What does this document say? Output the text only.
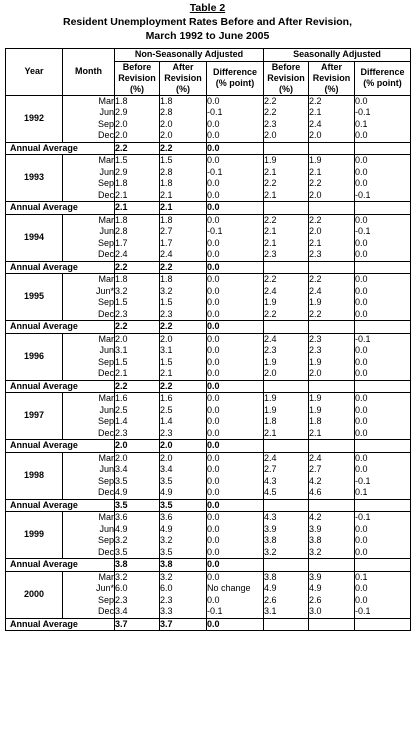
Table 2
Resident Unemployment Rates Before and After Revision,
March 1992 to June 2005
Year	Month	Non-Seasonally Adjusted			Seasonally Adjusted		
		Before
Revision
(%)	After
Revision
(%)	Difference
(% point)	Before
Revision
(%)	After
Revision
(%)	Difference
(% point)
1992	Mar	1.8	1.8	0.0	2.2	2.2	0.0
	Jun	2.9	2.8	-0.1	2.2	2.1	-0.1
	Sep	2.0	2.0	0.0	2.3	2.4	0.1
	Dec	2.0	2.0	0.0	2.0	2.0	0.0
Annual Average		2.2	2.2	0.0			
1993	Mar	1.5	1.5	0.0	1.9	1.9	0.0
	Jun	2.9	2.8	-0.1	2.1	2.1	0.0
	Sep	1.8	1.8	0.0	2.2	2.2	0.0
	Dec	2.1	2.1	0.0	2.1	2.0	-0.1
Annual Average		2.1	2.1	0.0			
1994	Mar	1.8	1.8	0.0	2.2	2.2	0.0
	Jun	2.8	2.7	-0.1	2.1	2.0	-0.1
	Sep	1.7	1.7	0.0	2.1	2.1	0.0
	Dec	2.4	2.4	0.0	2.3	2.3	0.0
Annual Average		2.2	2.2	0.0			
1995	Mar	1.8	1.8	0.0	2.2	2.2	0.0
	Jun*	3.2	3.2	0.0	2.4	2.4	0.0
	Sep	1.5	1.5	0.0	1.9	1.9	0.0
	Dec	2.3	2.3	0.0	2.2	2.2	0.0
Annual Average		2.2	2.2	0.0			
1996	Mar	2.0	2.0	0.0	2.4	2.3	-0.1
	Jun	3.1	3.1	0.0	2.3	2.3	0.0
	Sep	1.5	1.5	0.0	1.9	1.9	0.0
	Dec	2.1	2.1	0.0	2.0	2.0	0.0
Annual Average		2.2	2.2	0.0			
1997	Mar	1.6	1.6	0.0	1.9	1.9	0.0
	Jun	2.5	2.5	0.0	1.9	1.9	0.0
	Sep	1.4	1.4	0.0	1.8	1.8	0.0
	Dec	2.3	2.3	0.0	2.1	2.1	0.0
Annual Average		2.0	2.0	0.0			
1998	Mar	2.0	2.0	0.0	2.4	2.4	0.0
	Jun	3.4	3.4	0.0	2.7	2.7	0.0
	Sep	3.5	3.5	0.0	4.3	4.2	-0.1
	Dec	4.9	4.9	0.0	4.5	4.6	0.1
Annual Average		3.5	3.5	0.0			
1999	Mar	3.6	3.6	0.0	4.3	4.2	-0.1
	Jun	4.9	4.9	0.0	3.9	3.9	0.0
	Sep	3.2	3.2	0.0	3.8	3.8	0.0
	Dec	3.5	3.5	0.0	3.2	3.2	0.0
Annual Average		3.8	3.8	0.0			
2000	Mar	3.2	3.2	0.0	3.8	3.9	0.1
	Jun*	6.0	6.0	No change	4.9	4.9	0.0
	Sep	2.3	2.3	0.0	2.6	2.6	0.0
	Dec	3.4	3.3	-0.1	3.1	3.0	-0.1
Annual Average		3.7	3.7	0.0			
